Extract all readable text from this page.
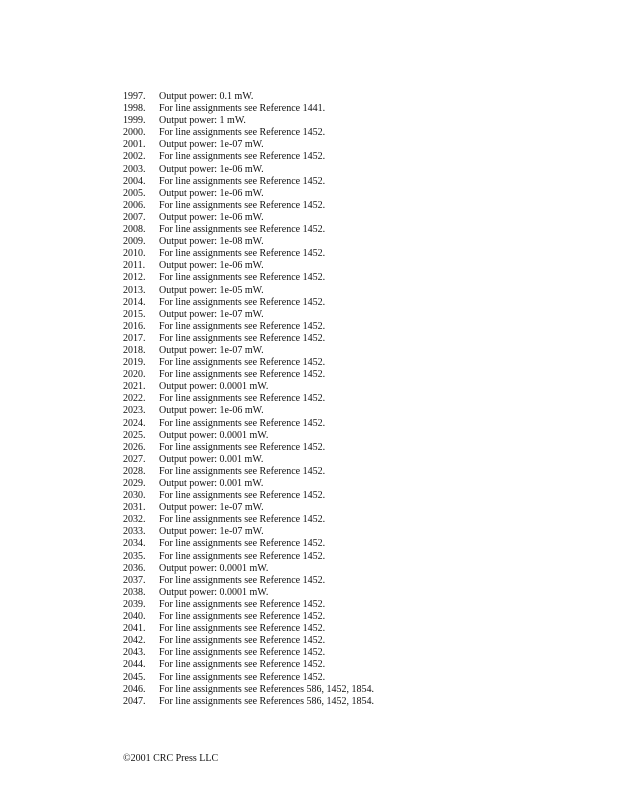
1997.	Output power: 0.1 mW.
1998.	For line assignments see Reference 1441.
1999.	Output power: 1 mW.
2000.	For line assignments see Reference 1452.
2001.	Output power: 1e-07 mW.
2002.	For line assignments see Reference 1452.
2003.	Output power: 1e-06 mW.
2004.	For line assignments see Reference 1452.
2005.	Output power: 1e-06 mW.
2006.	For line assignments see Reference 1452.
2007.	Output power: 1e-06 mW.
2008.	For line assignments see Reference 1452.
2009.	Output power: 1e-08 mW.
2010.	For line assignments see Reference 1452.
2011.	Output power: 1e-06 mW.
2012.	For line assignments see Reference 1452.
2013.	Output power: 1e-05 mW.
2014.	For line assignments see Reference 1452.
2015.	Output power: 1e-07 mW.
2016.	For line assignments see Reference 1452.
2017.	For line assignments see Reference 1452.
2018.	Output power: 1e-07 mW.
2019.	For line assignments see Reference 1452.
2020.	For line assignments see Reference 1452.
2021.	Output power: 0.0001 mW.
2022.	For line assignments see Reference 1452.
2023.	Output power: 1e-06 mW.
2024.	For line assignments see Reference 1452.
2025.	Output power: 0.0001 mW.
2026.	For line assignments see Reference 1452.
2027.	Output power: 0.001 mW.
2028.	For line assignments see Reference 1452.
2029.	Output power: 0.001 mW.
2030.	For line assignments see Reference 1452.
2031.	Output power: 1e-07 mW.
2032.	For line assignments see Reference 1452.
2033.	Output power: 1e-07 mW.
2034.	For line assignments see Reference 1452.
2035.	For line assignments see Reference 1452.
2036.	Output power: 0.0001 mW.
2037.	For line assignments see Reference 1452.
2038.	Output power: 0.0001 mW.
2039.	For line assignments see Reference 1452.
2040.	For line assignments see Reference 1452.
2041.	For line assignments see Reference 1452.
2042.	For line assignments see Reference 1452.
2043.	For line assignments see Reference 1452.
2044.	For line assignments see Reference 1452.
2045.	For line assignments see Reference 1452.
2046.	For line assignments see References 586, 1452, 1854.
2047.	For line assignments see References 586, 1452, 1854.
©2001 CRC Press LLC
